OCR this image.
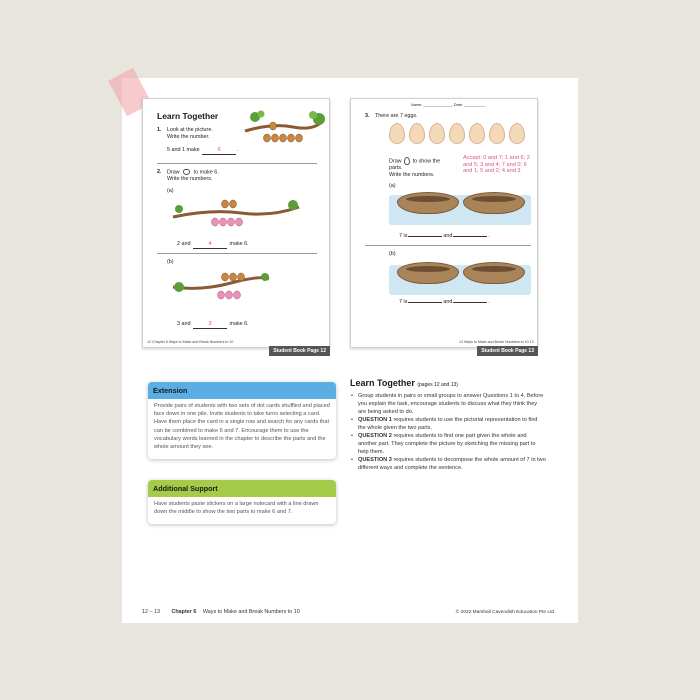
Learn Together
1. Look at the picture.
Write the number.
5 and 1 make	6	.
2. Draw	to make 6.
Write the numbers.
(a)
2 and	4	make 6.
(b)
3 and	3	make 6.
12 Chapter 6 Ways to Make and Break Numbers to 10
Student Book Page 12
Name: ______________ Date: __________
3. There are 7 eggs.
Draw to show the parts.
Write the numbers.
Accept: 0 and 7; 1 and 6; 2 and 5; 3 and 4; 7 and 0; 6 and 1; 5 and 2; 4 and 3
(a)
7 is	and	.
(b)
7 is	and	.
13 Ways to Make and Break Numbers to 10 13
Student Book Page 13
Extension
Provide pairs of students with two sets of dot cards shuffled and placed face down in one pile. Invite students to take turns selecting a card. Have them place the card in a single row and search for any cards that can be combined to make 6 and 7. Encourage them to use the vocabulary words learned in the chapter to describe the parts and the whole amount they see.
Additional Support
Have students paste stickers on a large notecard with a line drawn down the middle to show the two parts to make 6 and 7.
Learn Together (pages 12 and 13)
• Group students in pairs or small groups to answer Questions 1 to 4. Before you explain the task, encourage students to discuss what they think they are being asked to do.
• QUESTION 1 requires students to use the pictorial representation to find the whole given the two parts.
• QUESTION 2 requires students to find one part given the whole and another part. They complete the picture by sketching the missing part to help them.
• QUESTION 3 requires students to decompose the whole amount of 7 in two different ways and complete the sentence.
12 – 13 Chapter 6 Ways to Make and Break Numbers to 10	© 2022 Marshall Cavendish Education Pte Ltd
